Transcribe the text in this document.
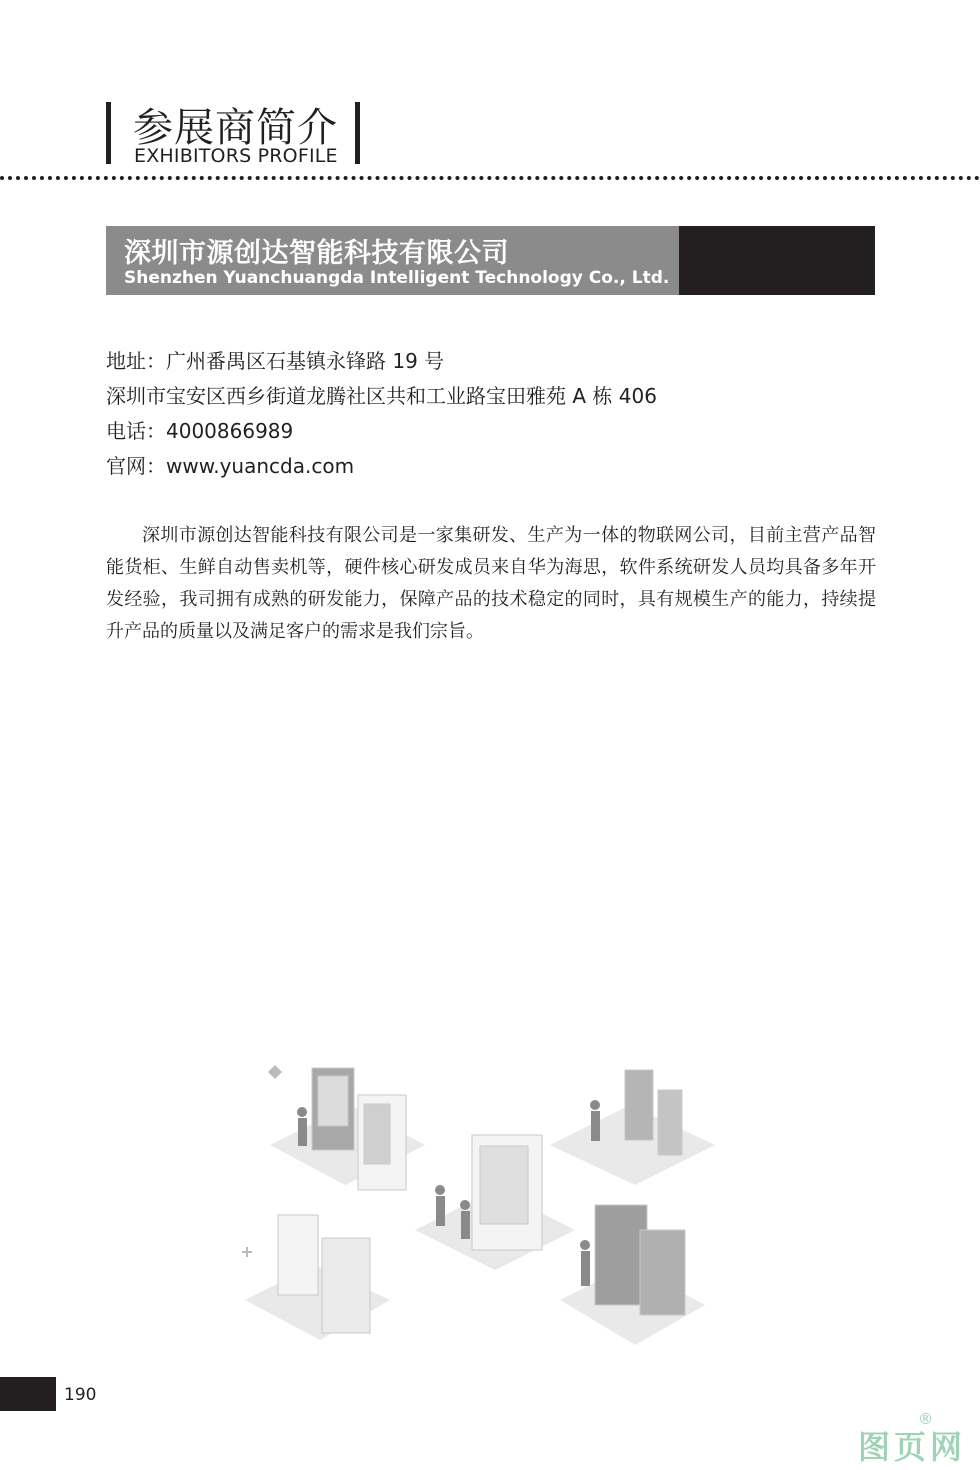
参展商简介
EXHIBITORS PROFILE
深圳市源创达智能科技有限公司
Shenzhen Yuanchuangda Intelligent Technology Co., Ltd.
地址：广州番禺区石基镇永锋路 19 号
深圳市宝安区西乡街道龙腾社区共和工业路宝田雅苑 A 栋 406
电话：4000866989
官网：www.yuancda.com
深圳市源创达智能科技有限公司是一家集研发、生产为一体的物联网公司，目前主营产品智能货柜、生鲜自动售卖机等，硬件核心研发成员来自华为海思，软件系统研发人员均具备多年开发经验，我司拥有成熟的研发能力，保障产品的技术稳定的同时，具有规模生产的能力，持续提升产品的质量以及满足客户的需求是我们宗旨。
190
图页网
®
